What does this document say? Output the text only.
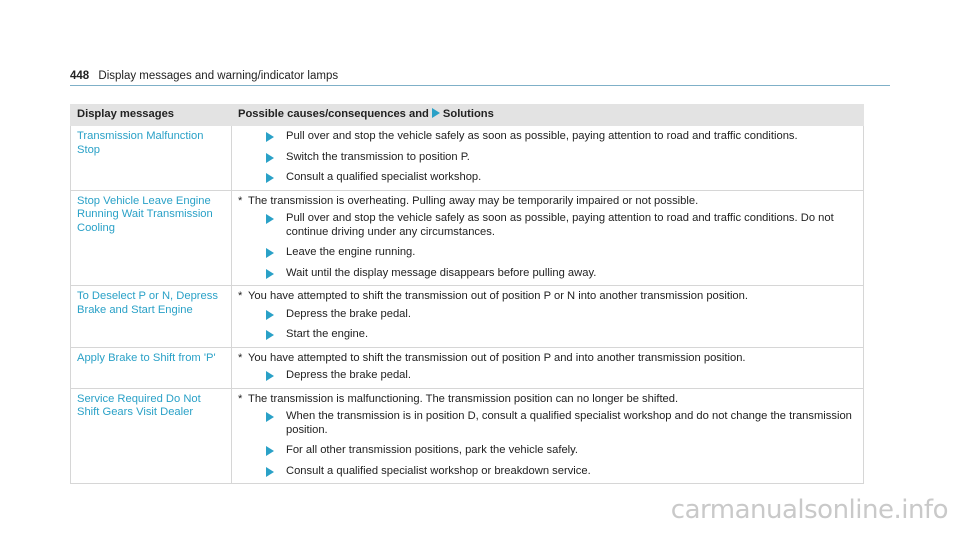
448 Display messages and warning/indicator lamps
Display messages	Possible causes/consequences and Solutions
Transmission Malfunction Stop	Pull over and stop the vehicle safely as soon as possible, paying attention to road and traffic conditions.
Switch the transmission to position P.
Consult a qualified specialist workshop.

Stop Vehicle Leave Engine Running Wait Transmission Cooling	* The transmission is overheating. Pulling away may be temporarily impaired or not possible.
Pull over and stop the vehicle safely as soon as possible, paying attention to road and traffic conditions. Do not continue driving under any circumstances.
Leave the engine running.
Wait until the display message disappears before pulling away.

To Deselect P or N, Depress Brake and Start Engine	* You have attempted to shift the transmission out of position P or N into another transmission position.
Depress the brake pedal.
Start the engine.

Apply Brake to Shift from 'P'	* You have attempted to shift the transmission out of position P and into another transmission position.
Depress the brake pedal.

Service Required Do Not Shift Gears Visit Dealer	* The transmission is malfunctioning. The transmission position can no longer be shifted.
When the transmission is in position D, consult a qualified specialist workshop and do not change the transmission position.
For all other transmission positions, park the vehicle safely.
Consult a qualified specialist workshop or breakdown service.
carmanualsonline.info
